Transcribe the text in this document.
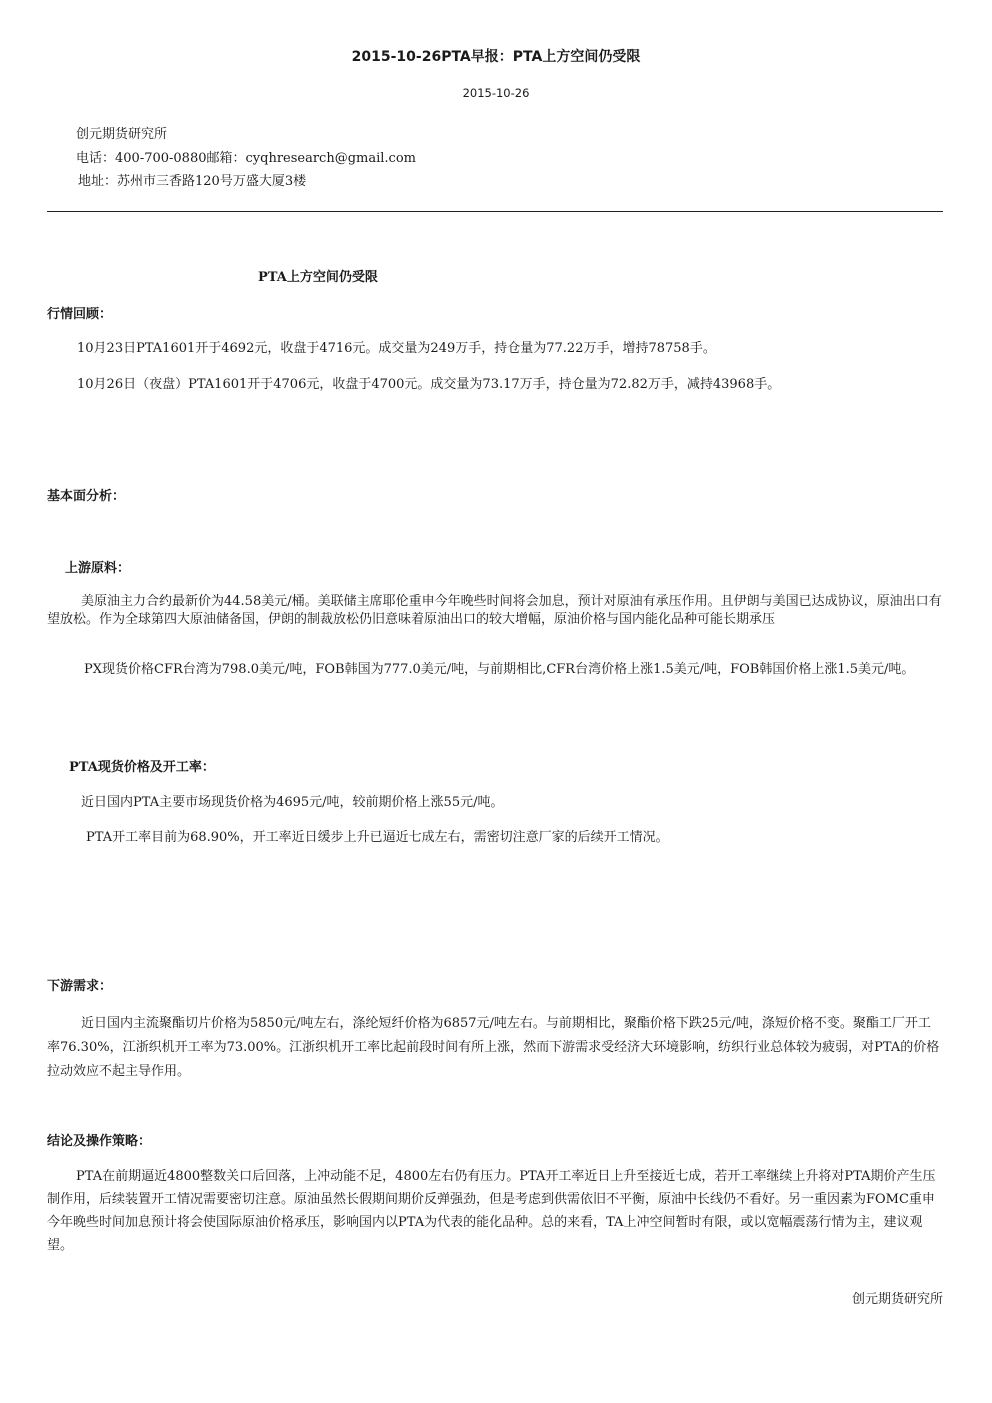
2015-10-26PTA早报：PTA上方空间仍受限
2015-10-26
创元期货研究所
电话：400-700-0880邮箱：cyqhresearch@gmail.com
地址：苏州市三香路120号万盛大厦3楼
PTA上方空间仍受限
行情回顾：
10月23日PTA1601开于4692元，收盘于4716元。成交量为249万手，持仓量为77.22万手，增持78758手。
10月26日（夜盘）PTA1601开于4706元，收盘于4700元。成交量为73.17万手，持仓量为72.82万手，减持43968手。
基本面分析：
上游原料：
美原油主力合约最新价为44.58美元/桶。美联储主席耶伦重申今年晚些时间将会加息，预计对原油有承压作用。且伊朗与美国已达成协议，原油出口有望放松。作为全球第四大原油储备国，伊朗的制裁放松仍旧意味着原油出口的较大增幅，原油价格与国内能化品种可能长期承压
PX现货价格CFR台湾为798.0美元/吨，FOB韩国为777.0美元/吨，与前期相比,CFR台湾价格上涨1.5美元/吨，FOB韩国价格上涨1.5美元/吨。
PTA现货价格及开工率：
近日国内PTA主要市场现货价格为4695元/吨，较前期价格上涨55元/吨。
PTA开工率目前为68.90%，开工率近日缓步上升已逼近七成左右，需密切注意厂家的后续开工情况。
下游需求：
近日国内主流聚酯切片价格为5850元/吨左右，涤纶短纤价格为6857元/吨左右。与前期相比，聚酯价格下跌25元/吨，涤短价格不变。聚酯工厂开工率76.30%，江浙织机开工率为73.00%。江浙织机开工率比起前段时间有所上涨，然而下游需求受经济大环境影响，纺织行业总体较为疲弱，对PTA的价格拉动效应不起主导作用。
结论及操作策略：
PTA在前期逼近4800整数关口后回落，上冲动能不足，4800左右仍有压力。PTA开工率近日上升至接近七成，若开工率继续上升将对PTA期价产生压制作用，后续装置开工情况需要密切注意。原油虽然长假期间期价反弹强劲，但是考虑到供需依旧不平衡，原油中长线仍不看好。另一重因素为FOMC重申今年晚些时间加息预计将会使国际原油价格承压，影响国内以PTA为代表的能化品种。总的来看，TA上冲空间暂时有限，或以宽幅震荡行情为主，建议观望。
创元期货研究所
